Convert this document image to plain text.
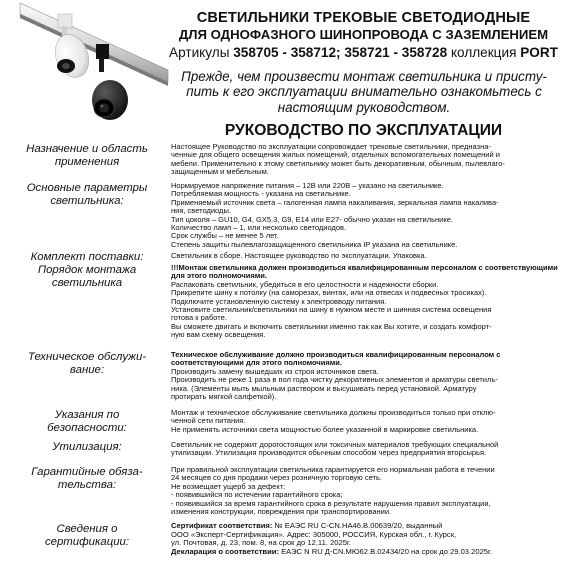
СВЕТИЛЬНИКИ ТРЕКОВЫЕ СВЕТОДИОДНЫЕ
ДЛЯ ОДНОФАЗНОГО ШИНОПРОВОДА С ЗАЗЕМЛЕНИЕМ
Артикулы 358705 - 358712; 358721 - 358728 коллекция PORT
Прежде, чем произвести монтаж светильника и присту-пить к его эксплуатации внимательно ознакомьтесь с настоящим руководством.
РУКОВОДСТВО ПО ЭКСПЛУАТАЦИИ
Назначение и область применения

Настоящее Руководство по эксплуатации сопровождает трековые светильники, предназна-

ченные для общего освещения жилых помещений, отдельных вспомогательных помещений и

мебели. Применительно к этому светильнику может быть декоративным, обычным, пылевлаго-

защищенным и мебельным.

Основные параметры светильника:

Нормируемое напряжение питания – 12В или 220В – указано на светильнике.

Потребляемая мощность - указана на светильнике.

Применяемый источник света – галогенная лампа накаливания, зеркальная лампа накалива-

ния, светодиоды.

Тип цоколя – GU10, G4, GX5.3, G9, E14 или E27- обычно указан на светильнике.

Количество ламп – 1, или несколько светодиодов.

Срок службы – не менее 5 лет.

Степень защиты пылевлагозащищенного светильника IP указана на светильнике.

Комплект поставки:	Светильник в сборе. Настоящее руководство по эксплуатации. Упаковка.

Порядок монтажа светильника

!!!Монтаж светильника должен производиться квалифицированным персоналом с соответствующими для этого полномочиями.

Распаковать светильник, убедиться в его целостности и надежности сборки.

Прикрепите шину к потолку (на саморезах, винтах, или на отвесах и подвесных тросиках).

Подключите установленную систему к электровводу питания.

Установите светильник/светильники на шину в нужном месте и шинная система освещения

готова к работе.

Вы сможете двигать и включить светильники именно так как Вы хотите, и создать комфорт-

ную вам схему освещения.

Техническое обслужи-вание:

Техническое обслуживание должно производиться квалифицированным персоналом с соответствующими для этого полномочиями.

Производить замену вышедших из строя источников света.

Производить не реже 1 раза в пол года чистку декоративных элементов и арматуры светиль-

ника. (Элементы мыть мыльным раствором и высушивать перед установкой. Арматуру

протирать мягкой салфеткой).

Указания по безопасности:

Монтаж и техническое обслуживание светильника должны производиться только при отклю-

ченной сети питания.

Не применять источники света мощностью более указанной в маркировке светильника.

Утилизация:	Светильник не содержит дорогостоящих или токсичных материалов требующих специальной

утилизации. Утилизация производится обычным способом через предприятия вторсырья.

Гарантийные обяза-тельства:

При правильной эксплуатации светильника гарантируется его нормальная работа в течении

24 месяцев со дня продажи через розничную торговую сеть.

Не возмещает ущерб за дефект:

- появившийся по истечении гарантийного срока;

- появившийся за время гарантийного срока в результате нарушения правил эксплуатации,

изменения конструкции, повреждения при транспортировании.

Сведения о сертификации:

Сертификат соответствия: № ЕАЭС RU C-CN.HA46.B.00639/20, выданный

ООО «Эксперт-Сертификация». Адрес: 305000, РОССИЯ, Курская обл., г. Курск,

ул. Почтовая, д. 23, пом. 8, на срок до 12.11. 2025г.

Декларация о соответствии: ЕАЭС N RU Д-CN.МЮ62.В.02434/20 на срок до 29.03.2025г.
